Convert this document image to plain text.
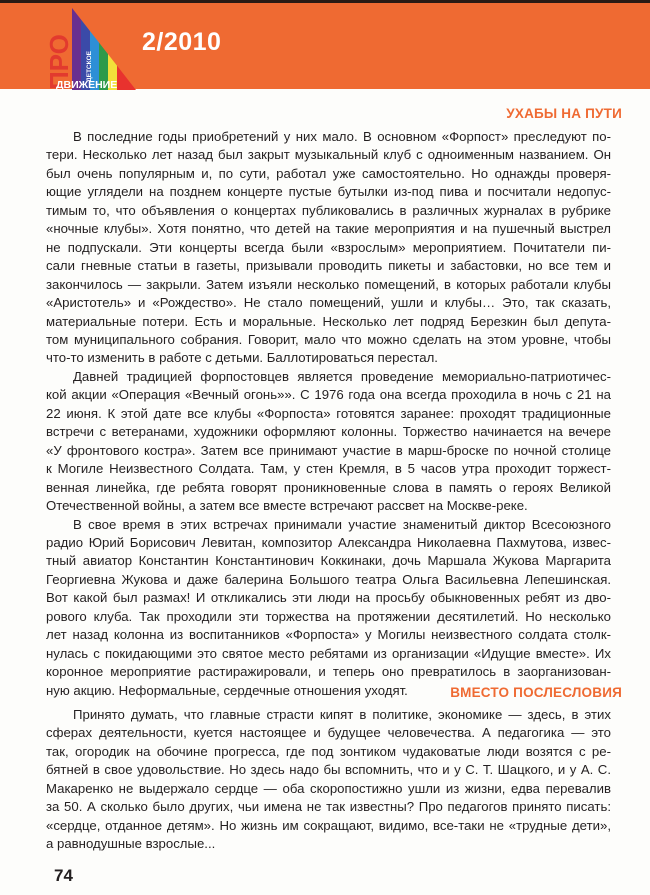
ПРО ДЕТСКОЕ
ДВИЖЕНИЕ
2/2010
УХАБЫ НА ПУТИ
В последние годы приобретений у них мало. В основном «Форпост» преследуют по-
тери. Несколько лет назад был закрыт музыкальный клуб с одноименным названием. Он
был очень популярным и, по сути, работал уже самостоятельно. Но однажды проверя-
ющие углядели на позднем концерте пустые бутылки из-под пива и посчитали недопус-
тимым то, что объявления о концертах публиковались в различных журналах в рубрике
«ночные клубы». Хотя понятно, что детей на такие мероприятия и на пушечный выстрел
не подпускали. Эти концерты всегда были «взрослым» мероприятием. Почитатели пи-
сали гневные статьи в газеты, призывали проводить пикеты и забастовки, но все тем и
закончилось — закрыли. Затем изъяли несколько помещений, в которых работали клубы
«Аристотель» и «Рождество». Не стало помещений, ушли и клубы… Это, так сказать,
материальные потери. Есть и моральные. Несколько лет подряд Березкин был депута-
том муниципального собрания. Говорит, мало что можно сделать на этом уровне, чтобы
что-то изменить в работе с детьми. Баллотироваться перестал.
Давней традицией форпостовцев является проведение мемориально-патриотичес-
кой акции «Операция «Вечный огонь»». С 1976 года она всегда проходила в ночь с 21 на
22 июня. К этой дате все клубы «Форпоста» готовятся заранее: проходят традиционные
встречи с ветеранами, художники оформляют колонны. Торжество начинается на вечере
«У фронтового костра». Затем все принимают участие в марш-броске по ночной столице
к Могиле Неизвестного Солдата. Там, у стен Кремля, в 5 часов утра проходит торжест-
венная линейка, где ребята говорят проникновенные слова в память о героях Великой
Отечественной войны, а затем все вместе встречают рассвет на Москве-реке.
В свое время в этих встречах принимали участие знаменитый диктор Всесоюзного
радио Юрий Борисович Левитан, композитор Александра Николаевна Пахмутова, извес-
тный авиатор Константин Константинович Коккинаки, дочь Маршала Жукова Маргарита
Георгиевна Жукова и даже балерина Большого театра Ольга Васильевна Лепешинская.
Вот какой был размах! И откликались эти люди на просьбу обыкновенных ребят из дво-
рового клуба. Так проходили эти торжества на протяжении десятилетий. Но несколько
лет назад колонна из воспитанников «Форпоста» у Могилы неизвестного солдата столк-
нулась с покидающими это святое место ребятами из организации «Идущие вместе». Их
коронное мероприятие растиражировали, и теперь оно превратилось в заорганизован-
ную акцию. Неформальные, сердечные отношения уходят.	ВМЕСТО ПОСЛЕСЛОВИЯ
Принято думать, что главные страсти кипят в политике, экономике — здесь, в этих
сферах деятельности, куется настоящее и будущее человечества. А педагогика — это
так, огородик на обочине прогресса, где под зонтиком чудаковатые люди возятся с ре-
бятней в свое удовольствие. Но здесь надо бы вспомнить, что и у С. Т. Шацкого, и у А. С.
Макаренко не выдержало сердце — оба скоропостижно ушли из жизни, едва перевалив
за 50. А сколько было других, чьи имена не так известны? Про педагогов принято писать:
«сердце, отданное детям». Но жизнь им сокращают, видимо, все-таки не «трудные дети»,
а равнодушные взрослые...
74
